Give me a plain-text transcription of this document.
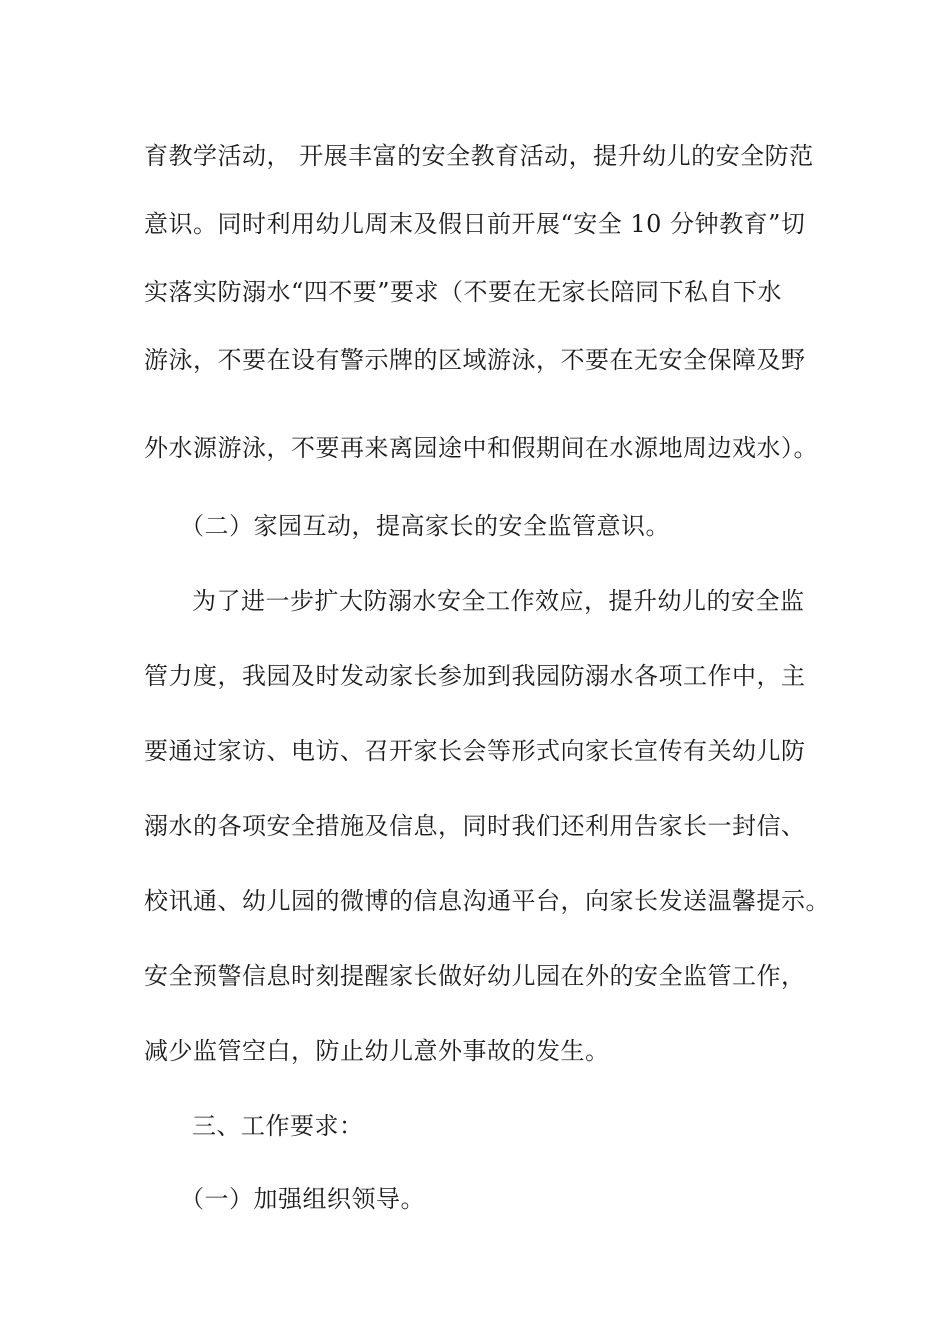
育教学活动， 开展丰富的安全教育活动，提升幼儿的安全防范
意识。同时利用幼儿周末及假日前开展“安全 10 分钟教育”切
实落实防溺水“四不要”要求（不要在无家长陪同下私自下水
游泳，不要在设有警示牌的区域游泳，不要在无安全保障及野
外水源游泳，不要再来离园途中和假期间在水源地周边戏水）。
（二）家园互动，提高家长的安全监管意识。
为了进一步扩大防溺水安全工作效应，提升幼儿的安全监
管力度，我园及时发动家长参加到我园防溺水各项工作中，主
要通过家访、电访、召开家长会等形式向家长宣传有关幼儿防
溺水的各项安全措施及信息，同时我们还利用告家长一封信、
校讯通、幼儿园的微博的信息沟通平台，向家长发送温馨提示。
安全预警信息时刻提醒家长做好幼儿园在外的安全监管工作，
减少监管空白，防止幼儿意外事故的发生。
三、工作要求：
（一）加强组织领导。
